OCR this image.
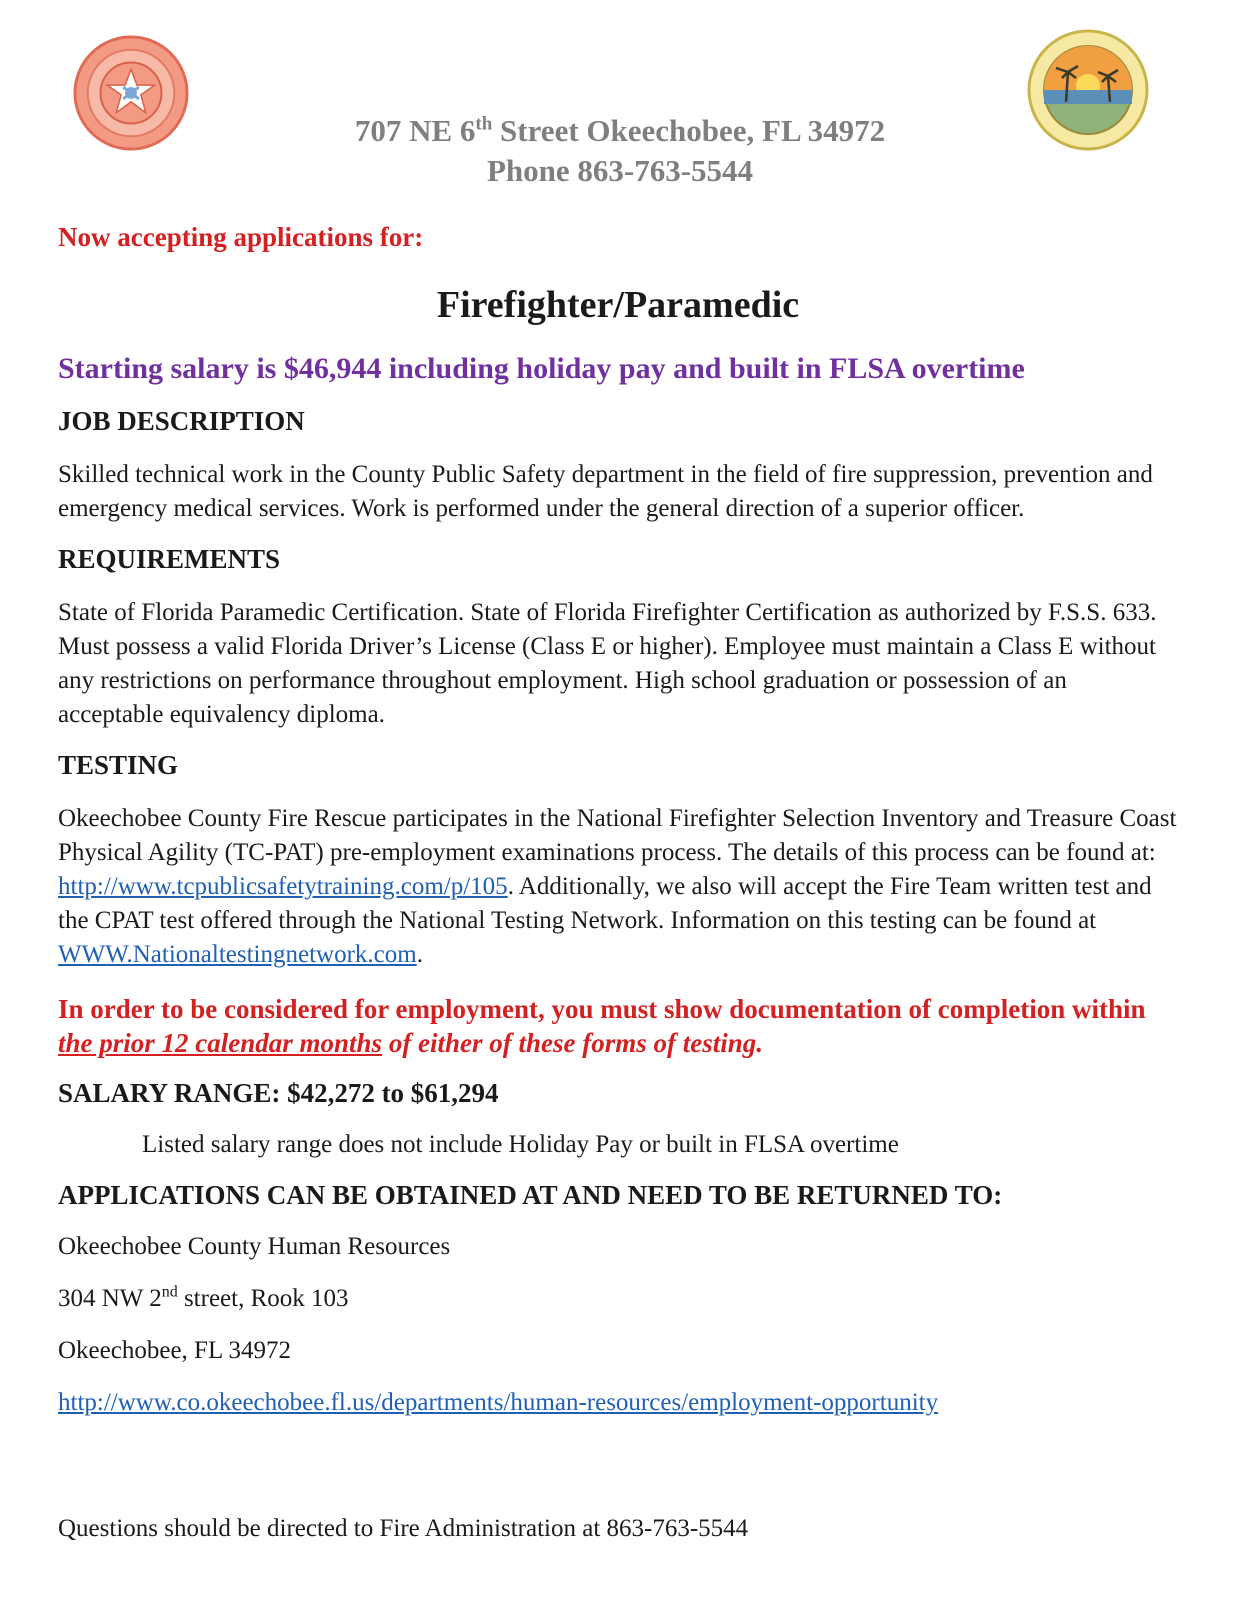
707 NE 6th Street Okeechobee, FL 34972
Phone 863-763-5544

Now accepting applications for:

Firefighter/Paramedic

Starting salary is $46,944 including holiday pay and built in FLSA overtime

JOB DESCRIPTION

Skilled technical work in the County Public Safety department in the field of fire suppression, prevention and emergency medical services. Work is performed under the general direction of a superior officer.

REQUIREMENTS

State of Florida Paramedic Certification. State of Florida Firefighter Certification as authorized by F.S.S. 633. Must possess a valid Florida Driver’s License (Class E or higher). Employee must maintain a Class E without any restrictions on performance throughout employment. High school graduation or possession of an acceptable equivalency diploma.

TESTING

Okeechobee County Fire Rescue participates in the National Firefighter Selection Inventory and Treasure Coast Physical Agility (TC-PAT) pre-employment examinations process. The details of this process can be found at: http://www.tcpublicsafetytraining.com/p/105. Additionally, we also will accept the Fire Team written test and the CPAT test offered through the National Testing Network. Information on this testing can be found at WWW.Nationaltestingnetwork.com.

In order to be considered for employment, you must show documentation of completion within the prior 12 calendar months of either of these forms of testing.

SALARY RANGE: $42,272 to $61,294

Listed salary range does not include Holiday Pay or built in FLSA overtime

APPLICATIONS CAN BE OBTAINED AT AND NEED TO BE RETURNED TO:

Okeechobee County Human Resources

304 NW 2nd street, Rook 103

Okeechobee, FL 34972

http://www.co.okeechobee.fl.us/departments/human-resources/employment-opportunity

Questions should be directed to Fire Administration at 863-763-5544
